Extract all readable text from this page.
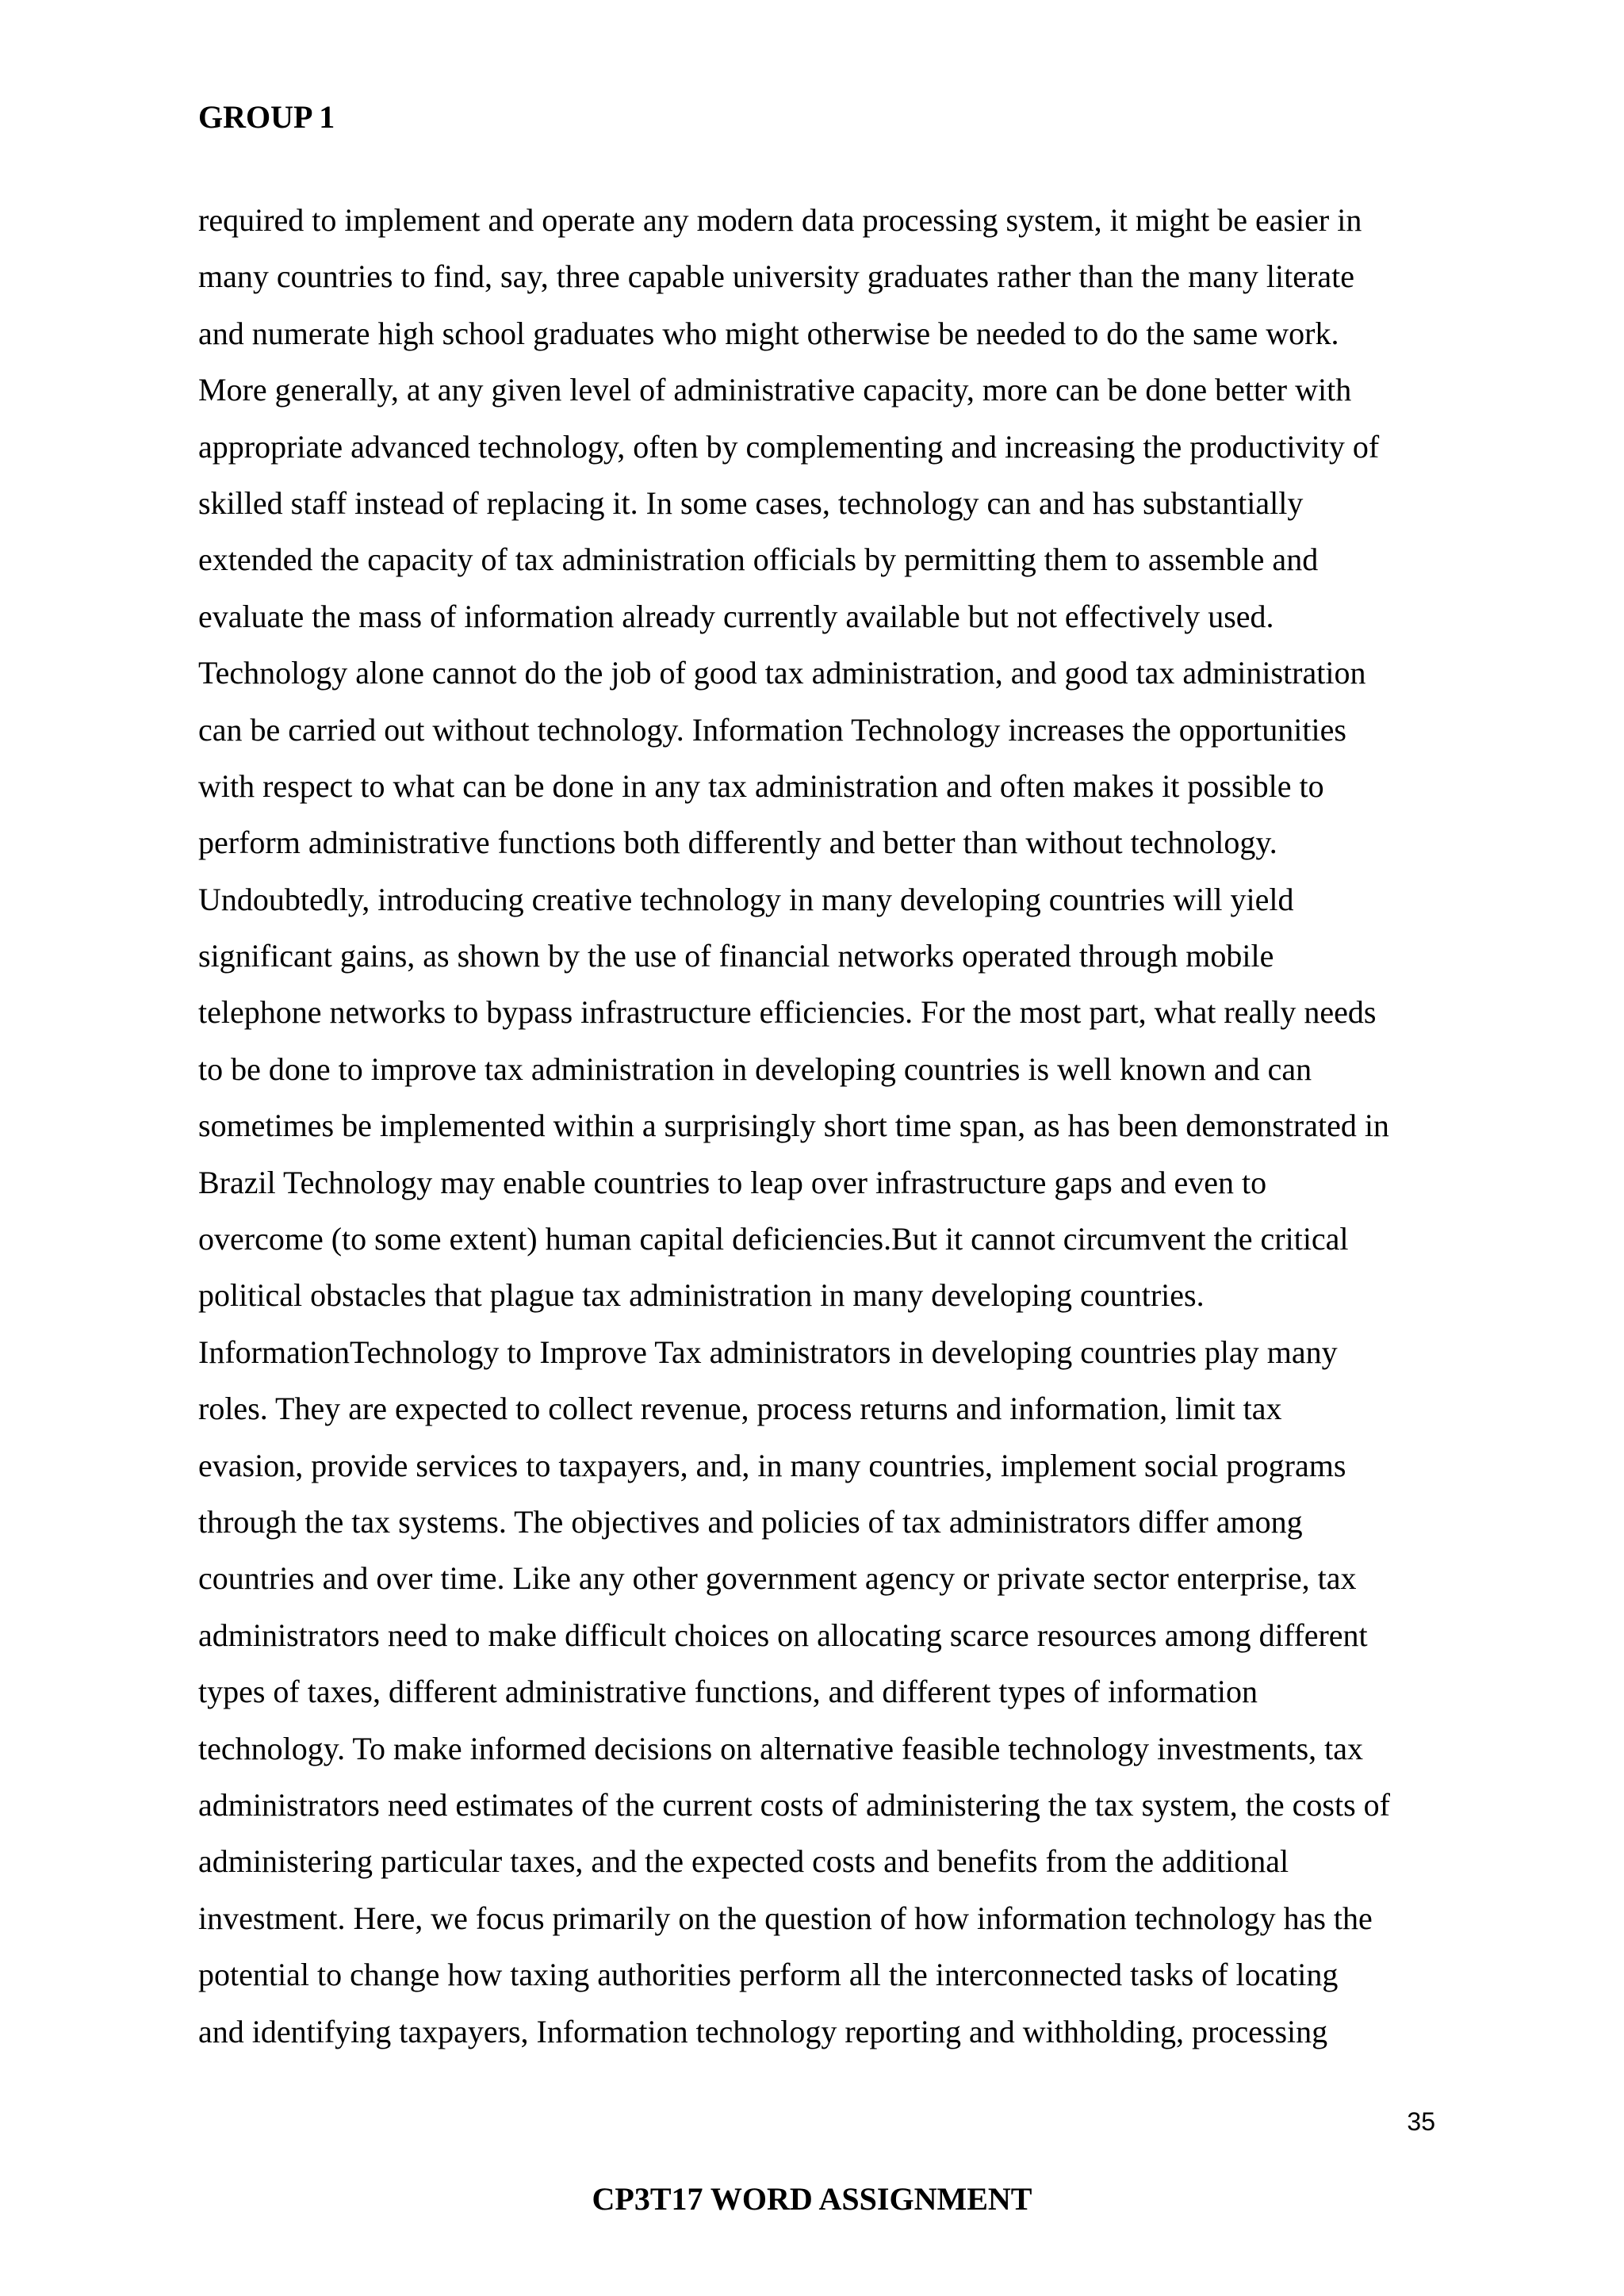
GROUP 1
required to implement and operate any modern data processing system, it might be easier in
many countries to find, say, three capable university graduates rather than the many literate
and numerate high school graduates who might otherwise be needed to do the same work.
More generally, at any given level of administrative capacity, more can be done better with
appropriate advanced technology, often by complementing and increasing the productivity of
skilled staff instead of replacing it. In some cases, technology can and has substantially
extended the capacity of tax administration officials by permitting them to assemble and
evaluate the mass of information already currently available but not effectively used.
Technology alone cannot do the job of good tax administration, and good tax administration
can be carried out without technology. Information Technology increases the opportunities
with respect to what can be done in any tax administration and often makes it possible to
perform administrative functions both differently and better than without technology.
Undoubtedly, introducing creative technology in many developing countries will yield
significant gains, as shown by the use of financial networks operated through mobile
telephone networks to bypass infrastructure efficiencies. For the most part, what really needs
to be done to improve tax administration in developing countries is well known and can
sometimes be implemented within a surprisingly short time span, as has been demonstrated in
Brazil Technology may enable countries to leap over infrastructure gaps and even to
overcome (to some extent) human capital deficiencies.But it cannot circumvent the critical
political obstacles that plague tax administration in many developing countries.
InformationTechnology to Improve Tax administrators in developing countries play many
roles. They are expected to collect revenue, process returns and information, limit tax
evasion, provide services to taxpayers, and, in many countries, implement social programs
through the tax systems. The objectives and policies of tax administrators differ among
countries and over time. Like any other government agency or private sector enterprise, tax
administrators need to make difficult choices on allocating scarce resources among different
types of taxes, different administrative functions, and different types of information
technology. To make informed decisions on alternative feasible technology investments, tax
administrators need estimates of the current costs of administering the tax system, the costs of
administering particular taxes, and the expected costs and benefits from the additional
investment. Here, we focus primarily on the question of how information technology has the
potential to change how taxing authorities perform all the interconnected tasks of locating
and identifying taxpayers, Information technology reporting and withholding, processing
35
CP3T17 WORD ASSIGNMENT
